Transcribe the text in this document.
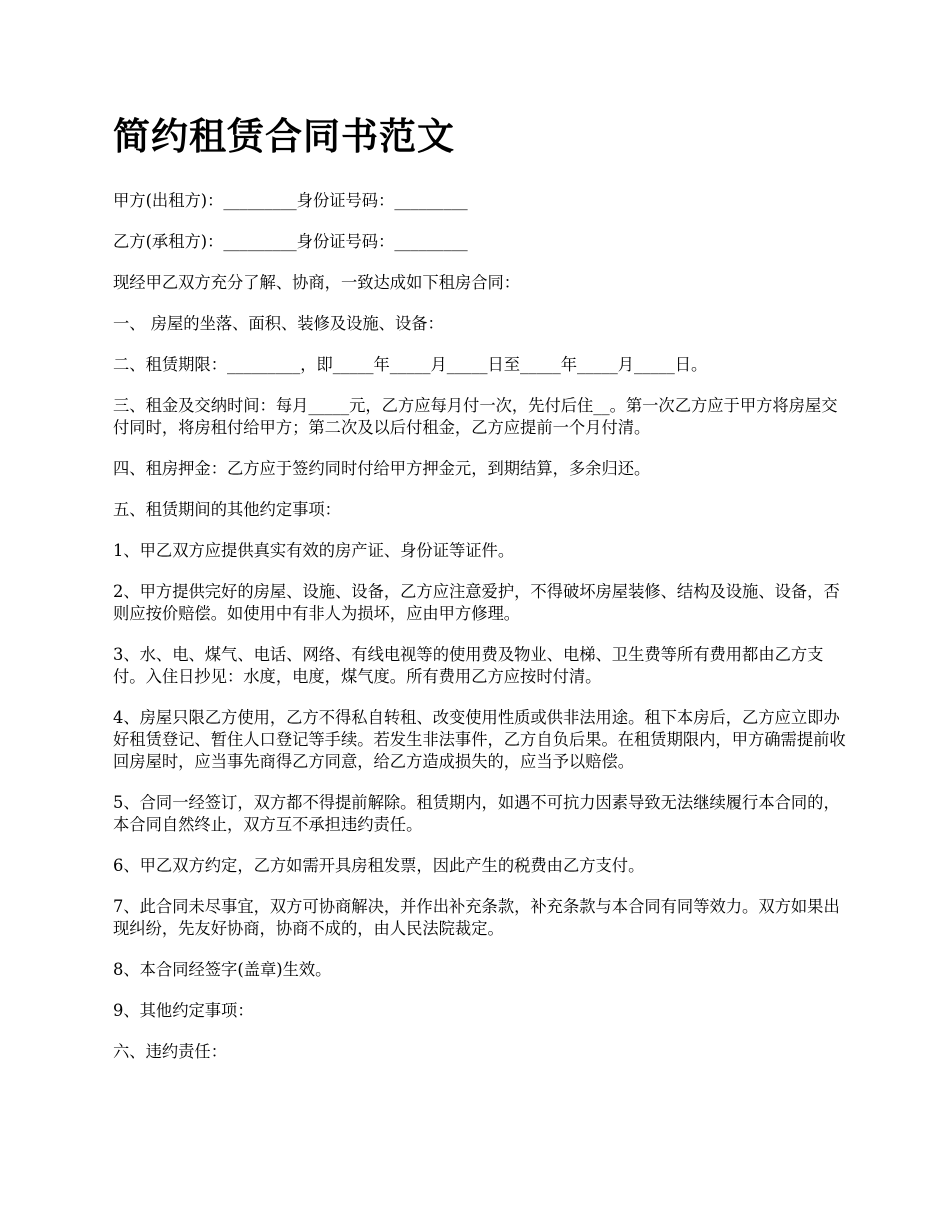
简约租赁合同书范文

甲方(出租方)：_________身份证号码：_________

乙方(承租方)：_________身份证号码：_________

现经甲乙双方充分了解、协商，一致达成如下租房合同：

一、 房屋的坐落、面积、装修及设施、设备：

二、租赁期限：_________，即_____年_____月_____日至_____年_____月_____日。

三、租金及交纳时间：每月_____元，乙方应每月付一次，先付后住__。第一次乙方应于甲方将房屋交付同时，将房租付给甲方；第二次及以后付租金，乙方应提前一个月付清。

四、租房押金：乙方应于签约同时付给甲方押金元，到期结算，多余归还。

五、租赁期间的其他约定事项：

1、甲乙双方应提供真实有效的房产证、身份证等证件。

2、甲方提供完好的房屋、设施、设备，乙方应注意爱护，不得破坏房屋装修、结构及设施、设备，否则应按价赔偿。如使用中有非人为损坏，应由甲方修理。

3、水、电、煤气、电话、网络、有线电视等的使用费及物业、电梯、卫生费等所有费用都由乙方支付。入住日抄见：水度，电度，煤气度。所有费用乙方应按时付清。

4、房屋只限乙方使用，乙方不得私自转租、改变使用性质或供非法用途。租下本房后，乙方应立即办好租赁登记、暂住人口登记等手续。若发生非法事件，乙方自负后果。在租赁期限内，甲方确需提前收回房屋时，应当事先商得乙方同意，给乙方造成损失的，应当予以赔偿。

5、合同一经签订，双方都不得提前解除。租赁期内，如遇不可抗力因素导致无法继续履行本合同的，本合同自然终止，双方互不承担违约责任。

6、甲乙双方约定，乙方如需开具房租发票，因此产生的税费由乙方支付。

7、此合同未尽事宜，双方可协商解决，并作出补充条款，补充条款与本合同有同等效力。双方如果出现纠纷，先友好协商，协商不成的，由人民法院裁定。

8、本合同经签字(盖章)生效。

9、其他约定事项：

六、违约责任：
